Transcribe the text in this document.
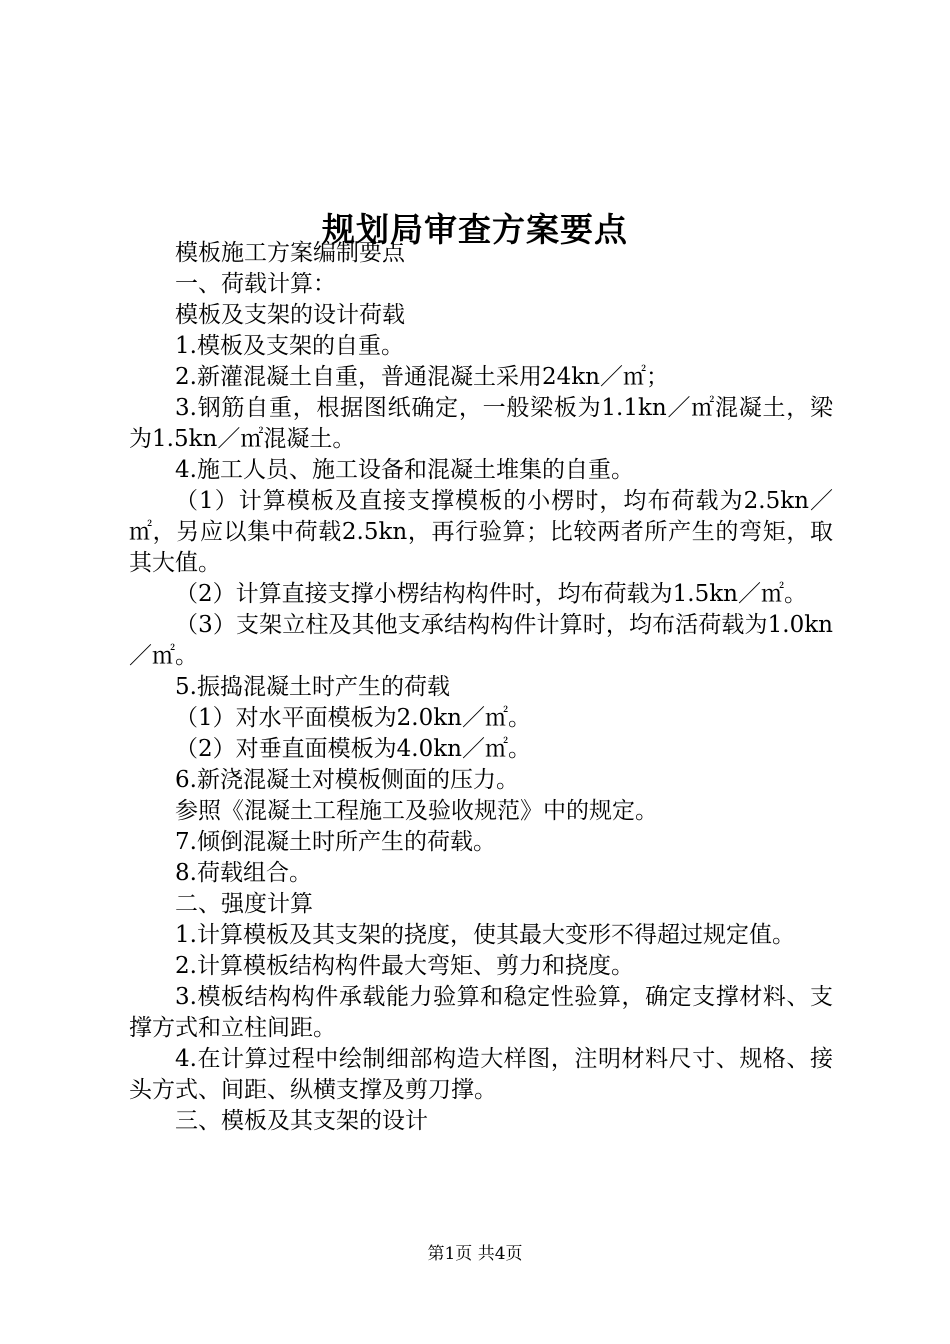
规划局审查方案要点

模板施工方案编制要点

一、荷载计算：

模板及支架的设计荷载

1.模板及支架的自重。

2.新灌混凝土自重，普通混凝土采用24kn／㎡；

3.钢筋自重，根据图纸确定，一般梁板为1.1kn／㎡混凝土，梁为1.5kn／㎡混凝土。

4.施工人员、施工设备和混凝土堆集的自重。

（1）计算模板及直接支撑模板的小楞时，均布荷载为2.5kn／㎡，另应以集中荷载2.5kn，再行验算；比较两者所产生的弯矩，取其大值。

（2）计算直接支撑小楞结构构件时，均布荷载为1.5kn／㎡。

（3）支架立柱及其他支承结构构件计算时，均布活荷载为1.0kn／㎡。

5.振捣混凝土时产生的荷载

（1）对水平面模板为2.0kn／㎡。

（2）对垂直面模板为4.0kn／㎡。

6.新浇混凝土对模板侧面的压力。

参照《混凝土工程施工及验收规范》中的规定。

7.倾倒混凝土时所产生的荷载。

8.荷载组合。

二、强度计算

1.计算模板及其支架的挠度，使其最大变形不得超过规定值。

2.计算模板结构构件最大弯矩、剪力和挠度。

3.模板结构构件承载能力验算和稳定性验算，确定支撑材料、支撑方式和立柱间距。

4.在计算过程中绘制细部构造大样图，注明材料尺寸、规格、接头方式、间距、纵横支撑及剪刀撑。

三、模板及其支架的设计

第1页 共4页
